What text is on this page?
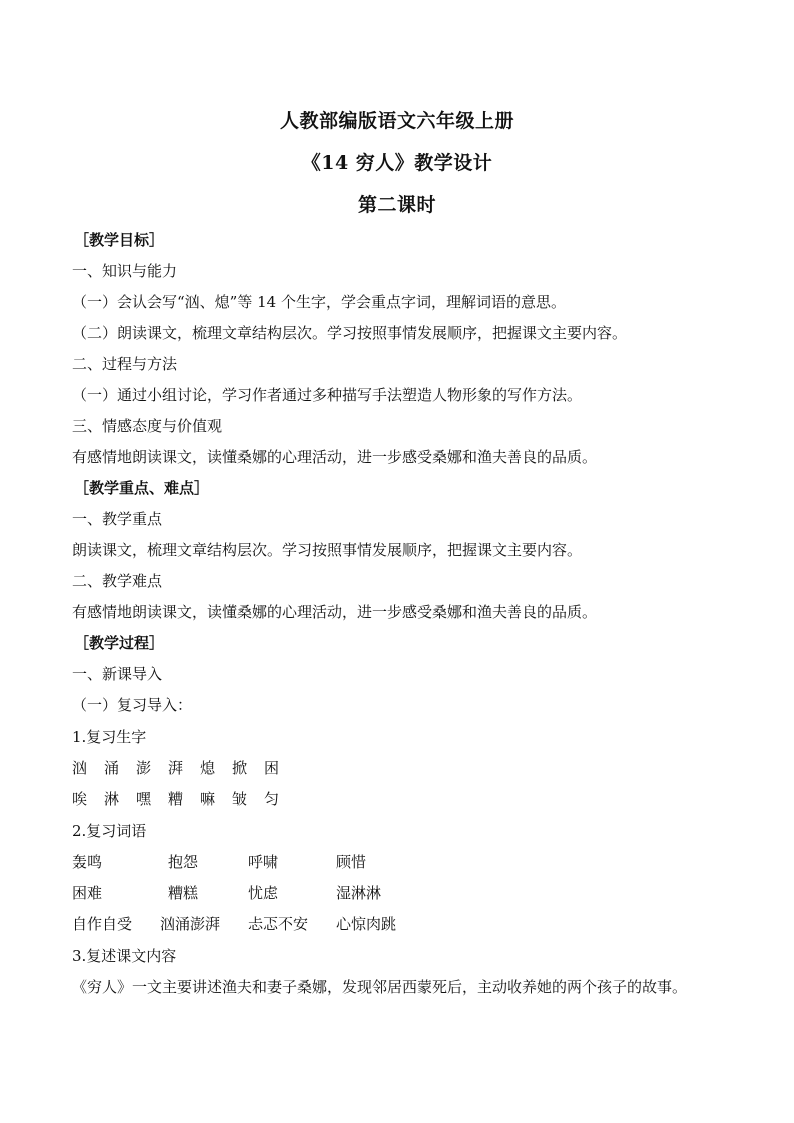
人教部编版语文六年级上册
《14 穷人》教学设计
第二课时
［教学目标］
一、知识与能力
（一）会认会写“汹、熄”等 14 个生字，学会重点字词，理解词语的意思。
（二）朗读课文，梳理文章结构层次。学习按照事情发展顺序，把握课文主要内容。
二、过程与方法
（一）通过小组讨论，学习作者通过多种描写手法塑造人物形象的写作方法。
三、情感态度与价值观
有感情地朗读课文，读懂桑娜的心理活动，进一步感受桑娜和渔夫善良的品质。
［教学重点、难点］
一、教学重点
朗读课文，梳理文章结构层次。学习按照事情发展顺序，把握课文主要内容。
二、教学难点
有感情地朗读课文，读懂桑娜的心理活动，进一步感受桑娜和渔夫善良的品质。
［教学过程］
一、新课导入
（一）复习导入：
1.复习生字
汹 涌 澎 湃 熄 掀 困
唉 淋 嘿 糟 嘛 皱 匀
2.复习词语
轰鸣	抱怨	呼啸	顾惜
困难	糟糕	忧虑	湿淋淋
自作自受 汹涌澎湃 忐忑不安 心惊肉跳
3.复述课文内容
《穷人》一文主要讲述渔夫和妻子桑娜，发现邻居西蒙死后，主动收养她的两个孩子的故事。
